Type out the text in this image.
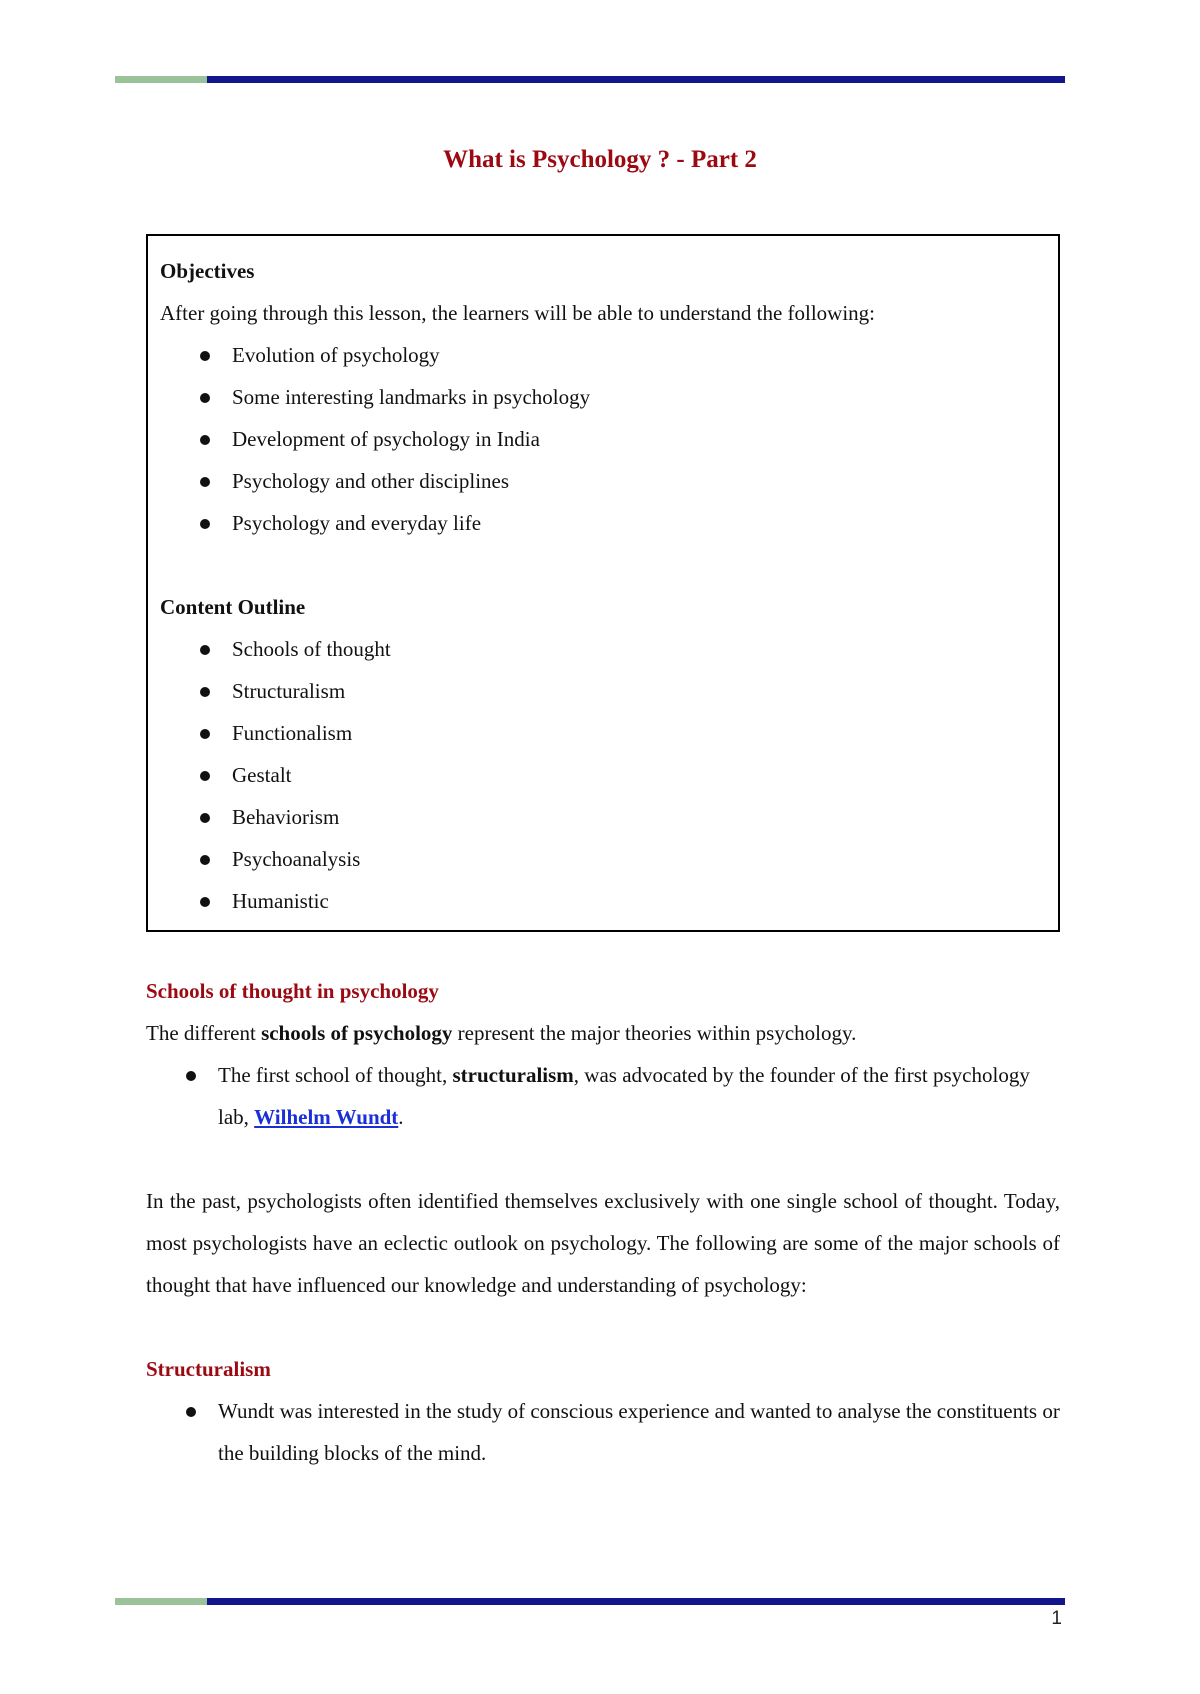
What is Psychology ? - Part 2
Objectives
After going through this lesson, the learners will be able to understand the following:
Evolution of psychology
Some interesting landmarks in psychology
Development of psychology in India
Psychology and other disciplines
Psychology and everyday life
Content Outline
Schools of thought
Structuralism
Functionalism
Gestalt
Behaviorism
Psychoanalysis
Humanistic
Schools of thought in psychology
The different schools of psychology represent the major theories within psychology.
The first school of thought, structuralism, was advocated by the founder of the first psychology lab, Wilhelm Wundt.
In the past, psychologists often identified themselves exclusively with one single school of thought. Today, most psychologists have an eclectic outlook on psychology. The following are some of the major schools of thought that have influenced our knowledge and understanding of psychology:
Structuralism
Wundt was interested in the study of conscious experience and wanted to analyse the constituents or the building blocks of the mind.
1
